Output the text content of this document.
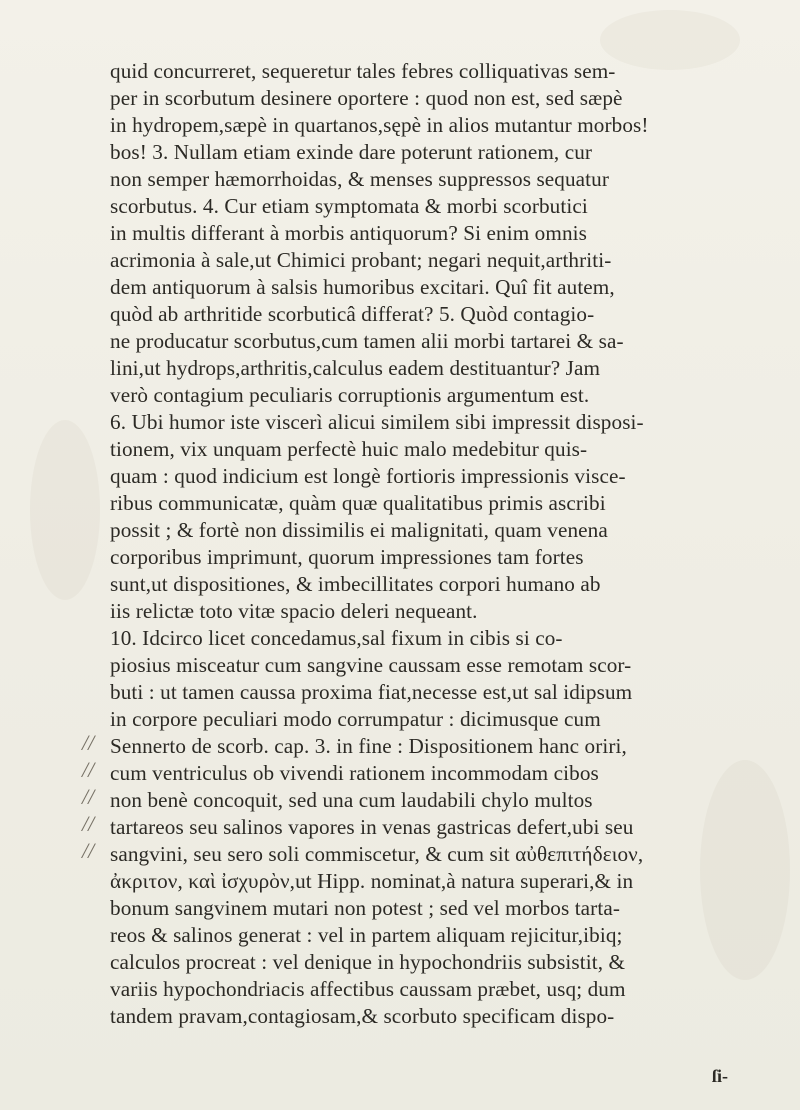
quid concurreret, sequeretur tales febres colliquativas sem-
per in scorbutum desinere oportere : quod non est, sed sæpè
in hydropem,sæpè in quartanos,sępè in alios mutantur morbos!
bos! 3. Nullam etiam exinde dare poterunt rationem, cur
non semper hæmorrhoidas, & menses suppressos sequatur
scorbutus. 4. Cur etiam symptomata & morbi scorbutici
in multis differant à morbis antiquorum? Si enim omnis
acrimonia à sale,ut Chimici probant; negari nequit,arthriti-
dem antiquorum à salsis humoribus excitari. Quî fit autem,
quòd ab arthritide scorbuticâ differat? 5. Quòd contagio-
ne producatur scorbutus,cum tamen alii morbi tartarei & sa-
lini,ut hydrops,arthritis,calculus eadem destituantur? Jam
verò contagium peculiaris corruptionis argumentum est.
6. Ubi humor iste viscerì alicui similem sibi impressit disposi-
tionem, vix unquam perfectè huic malo medebitur quis-
quam : quod indicium est longè fortioris impressionis visce-
ribus communicatæ, quàm quæ qualitatibus primis ascribi
possit ; & fortè non dissimilis ei malignitati, quam venena
corporibus imprimunt, quorum impressiones tam fortes
sunt,ut dispositiones, & imbecillitates corpori humano ab
iis relictæ toto vitæ spacio deleri nequeant.
10. Idcirco licet concedamus,sal fixum in cibis si co-
piosius misceatur cum sangvine caussam esse remotam scor-
buti : ut tamen caussa proxima fiat,necesse est,ut sal idipsum
in corpore peculiari modo corrumpatur : dicimusque cum
Sennerto de scorb. cap. 3. in fine : Dispositionem hanc oriri,
cum ventriculus ob vivendi rationem incommodam cibos
non benè concoquit, sed una cum laudabili chylo multos
tartareos seu salinos vapores in venas gastricas defert,ubi seu
sangvini, seu sero soli commiscetur, & cum sit αὐθεπιτήδειον,
ἀκριτον, καὶ ἰσχυρὸν,ut Hipp. nominat,à natura superari,& in
bonum sangvinem mutari non potest ; sed vel morbos tarta-
reos & salinos generat : vel in partem aliquam rejicitur,ibiq;
calculos procreat : vel denique in hypochondriis subsistit, &
variis hypochondriacis affectibus caussam præbet, usq; dum
tandem pravam,contagiosam,& scorbuto specificam dispo-
//
//
//
//
//
ſi-
